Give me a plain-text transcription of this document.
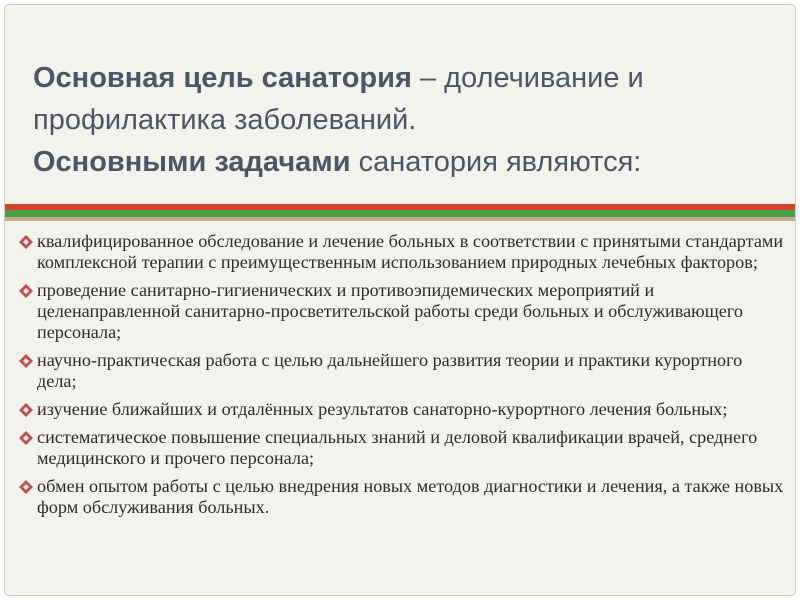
Основная цель санатория – долечивание и
профилактика заболеваний.
Основными задачами санатория являются:
квалифицированное обследование и лечение больных в соответствии с принятыми стандартами комплексной терапии с преимущественным использованием природных лечебных факторов;
проведение санитарно-гигиенических и противоэпидемических мероприятий и целенаправленной санитарно-просветительской работы среди больных и обслуживающего персонала;
научно-практическая работа с целью дальнейшего развития теории и практики курортного дела;
изучение ближайших и отдалённых результатов санаторно-курортного лечения больных;
систематическое повышение специальных знаний и деловой квалификации врачей, среднего медицинского и прочего персонала;
обмен опытом работы с целью внедрения новых методов диагностики и лечения, а также новых форм обслуживания больных.
